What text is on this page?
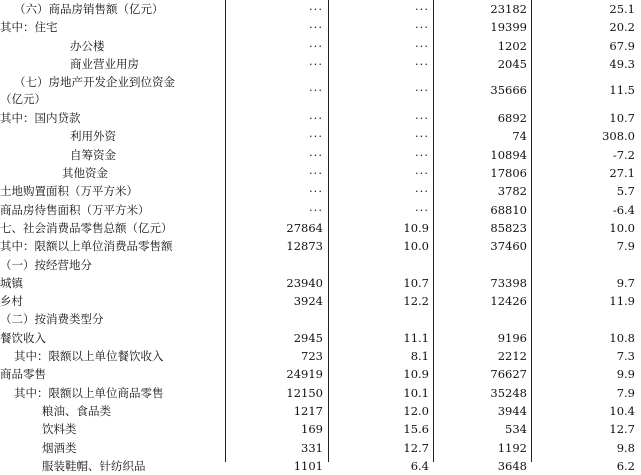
（六）商品房销售额（亿元）	···	···	23182	25.1
其中：住宅	···	···	19399	20.2
办公楼	···	···	1202	67.9
商业营业用房	···	···	2045	49.3
（七）房地产开发企业到位资金
（亿元）
···	···	35666	11.5
其中：国内贷款	···	···	6892	10.7
利用外资	···	···	74	308.0
自筹资金	···	···	10894	-7.2
其他资金	···	···	17806	27.1
土地购置面积（万平方米）	···	···	3782	5.7
商品房待售面积（万平方米）	···	···	68810	-6.4
七、社会消费品零售总额（亿元）	27864	10.9	85823	10.0
其中：限额以上单位消费品零售额	12873	10.0	37460	7.9
（一）按经营地分
城镇	23940	10.7	73398	9.7
乡村	3924	12.2	12426	11.9
（二）按消费类型分
餐饮收入	2945	11.1	9196	10.8
其中：限额以上单位餐饮收入	723	8.1	2212	7.3
商品零售	24919	10.9	76627	9.9
其中：限额以上单位商品零售	12150	10.1	35248	7.9
粮油、食品类	1217	12.0	3944	10.4
饮料类	169	15.6	534	12.7
烟酒类	331	12.7	1192	9.8
服装鞋帽、针纺织品	1101	6.4	3648	6.2
